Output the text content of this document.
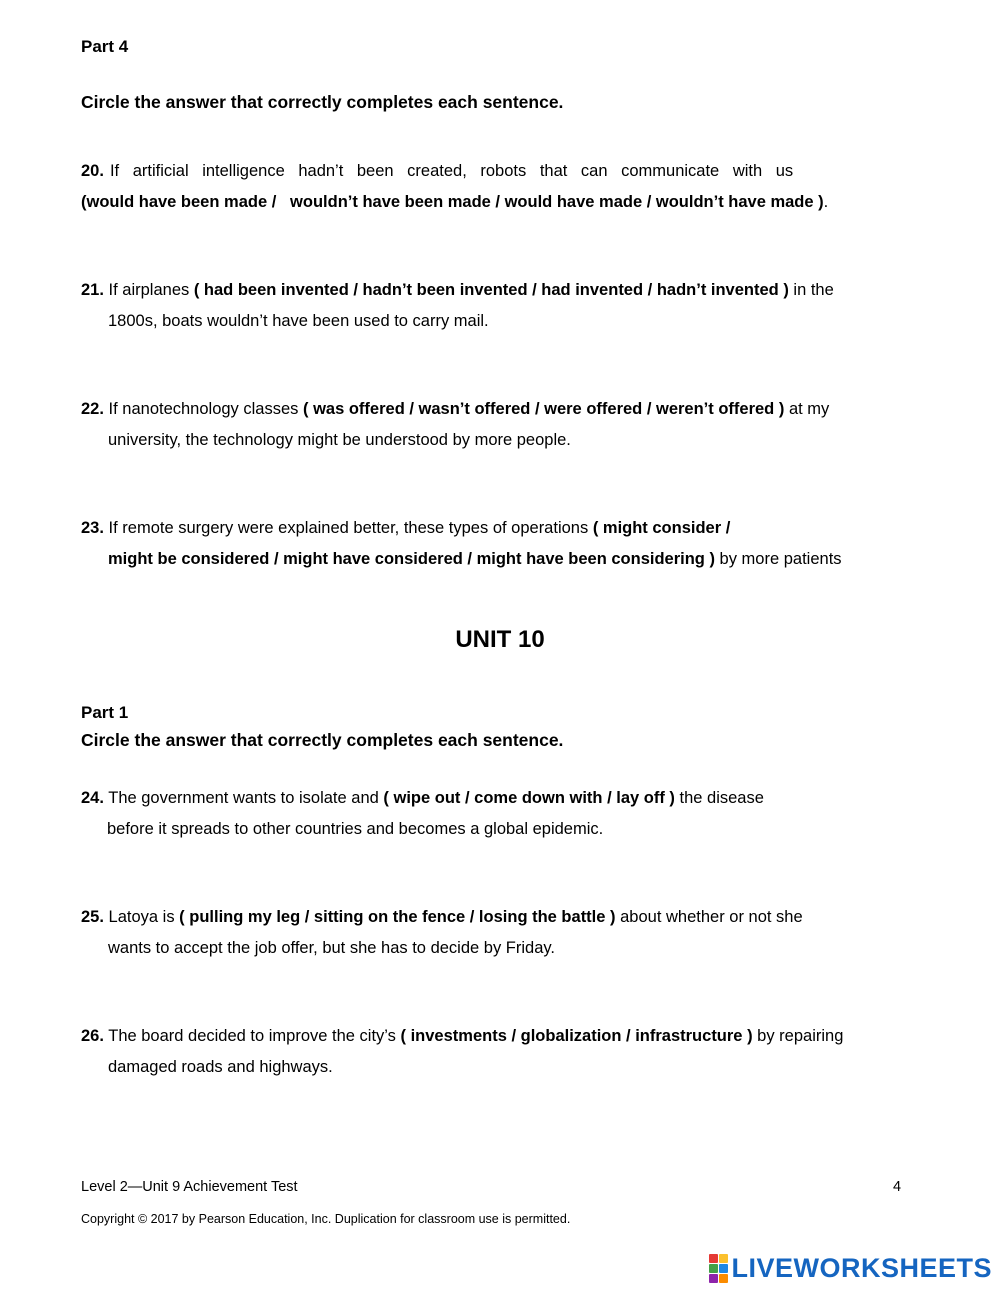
Part 4
Circle the answer that correctly completes each sentence.
20. If artificial intelligence hadn’t been created, robots that can communicate with us
(would have been made /   wouldn’t have been made / would have made / wouldn’t have made ).
21. If airplanes ( had been invented / hadn’t been invented / had invented / hadn’t invented ) in the
1800s, boats wouldn’t have been used to carry mail.
22. If nanotechnology classes ( was offered / wasn’t offered / were offered / weren’t offered ) at my
university, the technology might be understood by more people.
23. If remote surgery were explained better, these types of operations ( might consider /
might be considered / might have considered / might have been considering ) by more patients
UNIT 10
Part 1
Circle the answer that correctly completes each sentence.
24. The government wants to isolate and ( wipe out / come down with / lay off ) the disease
before it spreads to other countries and becomes a global epidemic.
25. Latoya is ( pulling my leg / sitting on the fence / losing the battle ) about whether or not she
wants to accept the job offer, but she has to decide by Friday.
26. The board decided to improve the city’s ( investments / globalization / infrastructure ) by repairing
damaged roads and highways.
Level 2—Unit 9 Achievement Test	4
Copyright © 2017 by Pearson Education, Inc. Duplication for classroom use is permitted.
LIVEWORKSHEETS
